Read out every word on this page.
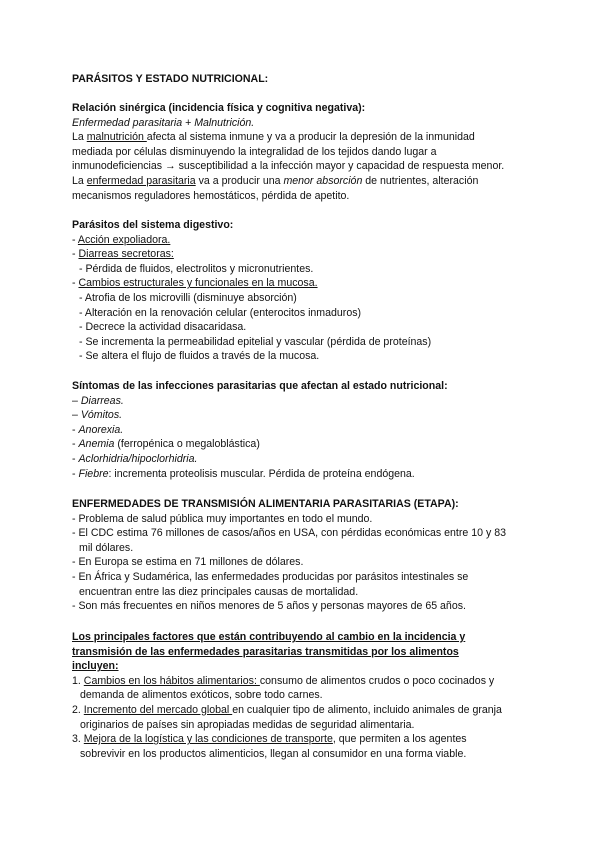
PARÁSITOS Y ESTADO NUTRICIONAL:
Relación sinérgica (incidencia física y cognitiva negativa):
Enfermedad parasitaria + Malnutrición.
La malnutrición afecta al sistema inmune y va a producir la depresión de la inmunidad
mediada por células disminuyendo la integralidad de los tejidos dando lugar a
inmunodeficiencias → susceptibilidad a la infección mayor y capacidad de respuesta menor.
La enfermedad parasitaria va a producir una menor absorción de nutrientes, alteración
mecanismos reguladores hemostáticos, pérdida de apetito.
Parásitos del sistema digestivo:
- Acción expoliadora.
- Diarreas secretoras:
- Pérdida de fluidos, electrolitos y micronutrientes.
- Cambios estructurales y funcionales en la mucosa.
- Atrofia de los microvilli (disminuye absorción)
- Alteración en la renovación celular (enterocitos inmaduros)
- Decrece la actividad disacaridasa.
- Se incrementa la permeabilidad epitelial y vascular (pérdida de proteínas)
- Se altera el flujo de fluidos a través de la mucosa.
Síntomas de las infecciones parasitarias que afectan al estado nutricional:
– Diarreas.
– Vómitos.
- Anorexia.
- Anemia (ferropénica o megaloblástica)
- Aclorhidria/hipoclorhidria.
- Fiebre: incrementa proteolisis muscular. Pérdida de proteína endógena.
ENFERMEDADES DE TRANSMISIÓN ALIMENTARIA PARASITARIAS (ETAPA):
- Problema de salud pública muy importantes en todo el mundo.
- El CDC estima 76 millones de casos/años en USA, con pérdidas económicas entre 10 y 83
mil dólares.
- En Europa se estima en 71 millones de dólares.
- En África y Sudamérica, las enfermedades producidas por parásitos intestinales se
encuentran entre las diez principales causas de mortalidad.
- Son más frecuentes en niños menores de 5 años y personas mayores de 65 años.
Los principales factores que están contribuyendo al cambio en la incidencia y
transmisión de las enfermedades parasitarias transmitidas por los alimentos
incluyen:
1. Cambios en los hábitos alimentarios: consumo de alimentos crudos o poco cocinados y
demanda de alimentos exóticos, sobre todo carnes.
2. Incremento del mercado global en cualquier tipo de alimento, incluido animales de granja
originarios de países sin apropiadas medidas de seguridad alimentaria.
3. Mejora de la logística y las condiciones de transporte, que permiten a los agentes
sobrevivir en los productos alimenticios, llegan al consumidor en una forma viable.
